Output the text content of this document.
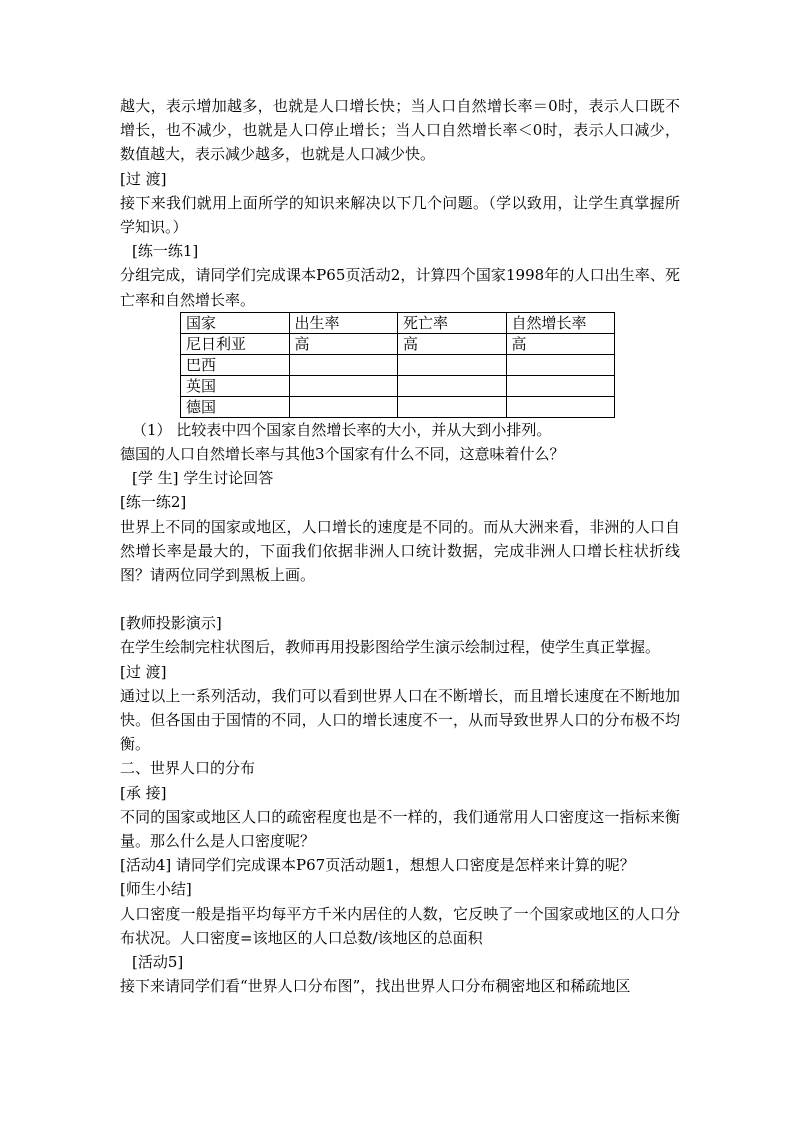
越大，表示增加越多，也就是人口增长快；当人口自然增长率＝0时，表示人口既不增长，也不减少，也就是人口停止增长；当人口自然增长率＜0时，表示人口减少，数值越大，表示减少越多，也就是人口减少快。

[过 渡]

接下来我们就用上面所学的知识来解决以下几个问题。（学以致用，让学生真掌握所学知识。）

[练一练1]

分组完成，请同学们完成课本P65页活动2，计算四个国家1998年的人口出生率、死亡率和自然增长率。

国家	出生率	死亡率	自然增长率
尼日利亚	高	高	高
巴西			
英国			
德国			

（1） 比较表中四个国家自然增长率的大小，并从大到小排列。

德国的人口自然增长率与其他3个国家有什么不同，这意味着什么？

[学 生] 学生讨论回答

[练一练2]

世界上不同的国家或地区，人口增长的速度是不同的。而从大洲来看，非洲的人口自然增长率是最大的，下面我们依据非洲人口统计数据，完成非洲人口增长柱状折线图？请两位同学到黑板上画。

[教师投影演示]

在学生绘制完柱状图后，教师再用投影图给学生演示绘制过程，使学生真正掌握。

[过 渡]

通过以上一系列活动，我们可以看到世界人口在不断增长，而且增长速度在不断地加快。但各国由于国情的不同，人口的增长速度不一，从而导致世界人口的分布极不均衡。

二、世界人口的分布

[承 接]

不同的国家或地区人口的疏密程度也是不一样的，我们通常用人口密度这一指标来衡量。那么什么是人口密度呢？

[活动4] 请同学们完成课本P67页活动题1，想想人口密度是怎样来计算的呢？

[师生小结]

人口密度一般是指平均每平方千米内居住的人数，它反映了一个国家或地区的人口分布状况。人口密度=该地区的人口总数/该地区的总面积

[活动5]

接下来请同学们看“世界人口分布图”，找出世界人口分布稠密地区和稀疏地区
